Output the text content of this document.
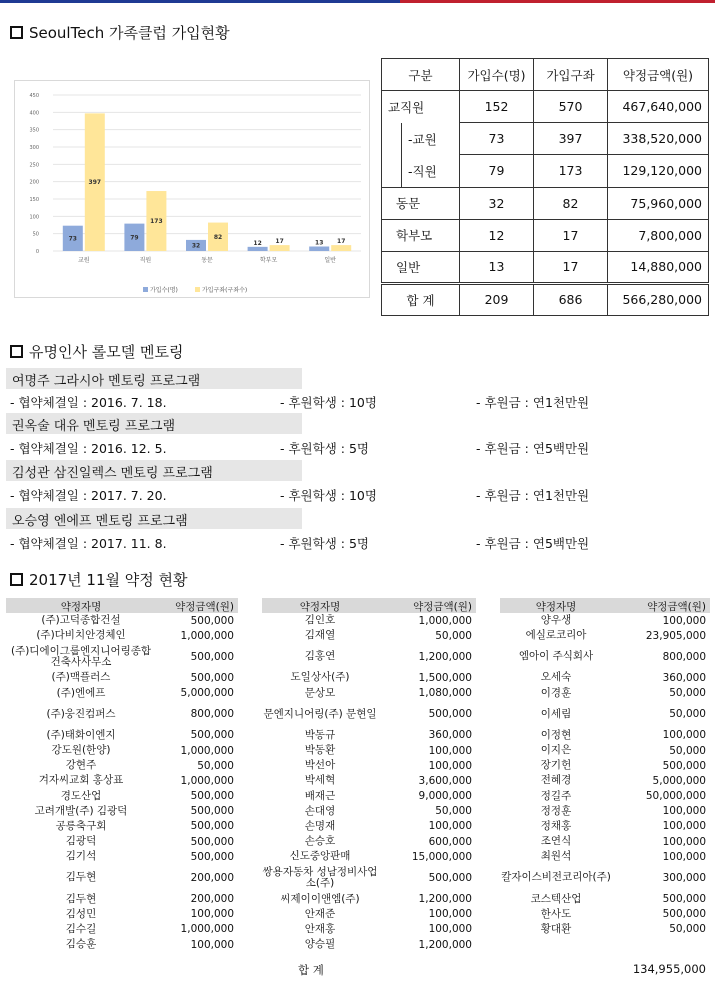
SeoulTech 가족클럽 가입현황
0
50
100
150
200
250
300
350
400
450
73
397
교원
79
173
직원
32
82
동문
12 17
학부모
13 17
일반
가입수(명)	가입구좌(구좌수)
구분	가입수(명)	가입구좌	약정금액(원)
교직원	152	570	467,640,000

-교원	73	397	338,520,000

-직원	79	173	129,120,000
동문	32	82	75,960,000
학부모	12	17	7,800,000
일반	13	17	14,880,000
합 계	209	686	566,280,000
유명인사 롤모델 멘토링
여명주 그라시아 멘토링 프로그램
- 협약체결일 : 2016. 7. 18.	- 후원학생 : 10명	- 후원금 : 연1천만원
권옥술 대유 멘토링 프로그램
- 협약체결일 : 2016. 12. 5.	- 후원학생 : 5명	- 후원금 : 연5백만원
김성관 삼진일렉스 멘토링 프로그램
- 협약체결일 : 2017. 7. 20.	- 후원학생 : 10명	- 후원금 : 연1천만원
오승영 엔에프 멘토링 프로그램
- 협약체결일 : 2017. 11. 8.	- 후원학생 : 5명	- 후원금 : 연5백만원
2017년 11월 약정 현황
약정자명	약정금액(원)
(주)고덕종합건설	500,000
(주)다비치안경체인	1,000,000
(주)디에이그룹엔지니어링종합건축사사무소	500,000
(주)맥플러스	500,000
(주)엔에프	5,000,000
(주)웅진컴퍼스	800,000
(주)태화이엔지	500,000
강도원(한양)	1,000,000
강현주	50,000
겨자씨교회 홍상표	1,000,000
경도산업	500,000
고려개발(주) 김광덕	500,000
공릉축구회	500,000
김광덕	500,000
김기석	500,000
김두현	200,000
김두현	200,000
김성민	100,000
김수길	1,000,000
김승훈	100,000
약정자명	약정금액(원)
김인호	1,000,000
김재열	50,000
김홍연	1,200,000
도일상사(주)	1,500,000
문상모	1,080,000
문엔지니어링(주) 문현일	500,000
박동규	360,000
박동환	100,000
박선아	100,000
박세혁	3,600,000
배재근	9,000,000
손대영	50,000
손명재	100,000
손승호	600,000
신도중앙판매	15,000,000
쌍용자동차 성남정비사업소(주)	500,000
씨제이이앤엠(주)	1,200,000
안재준	100,000
안재홍	100,000
양승필	1,200,000
약정자명	약정금액(원)
양우생	100,000
에실로코리아	23,905,000
엠아이 주식회사	800,000
오세숙	360,000
이경훈	50,000
이세림	50,000
이정현	100,000
이지은	50,000
장기헌	500,000
전혜경	5,000,000
정길주	50,000,000
정정훈	100,000
정채홍	100,000
조연식	100,000
최원석	100,000
칼자이스비전코리아(주)	300,000
코스텍산업	500,000
한사도	500,000
황대환	50,000
합 계	134,955,000
